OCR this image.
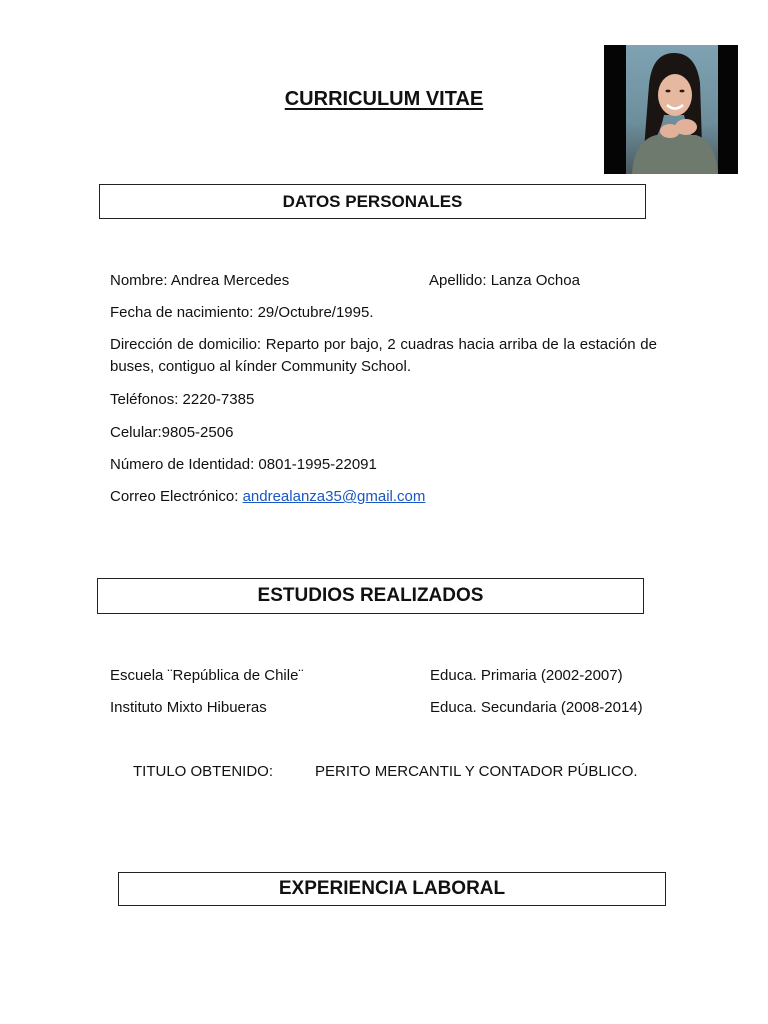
CURRICULUM VITAE
DATOS PERSONALES
Nombre: Andrea Mercedes	Apellido: Lanza Ochoa
Fecha de nacimiento: 29/Octubre/1995.
Dirección de domicilio: Reparto por bajo, 2 cuadras hacia arriba de la estación de buses, contiguo al kínder Community School.
Teléfonos: 2220-7385
Celular:9805-2506
Número de Identidad: 0801-1995-22091
Correo Electrónico: andrealanza35@gmail.com
ESTUDIOS REALIZADOS
Escuela ¨República de Chile¨	Educa. Primaria (2002-2007)
Instituto Mixto Hibueras	Educa. Secundaria (2008-2014)
TITULO OBTENIDO:	PERITO MERCANTIL Y CONTADOR PÚBLICO.
EXPERIENCIA LABORAL
